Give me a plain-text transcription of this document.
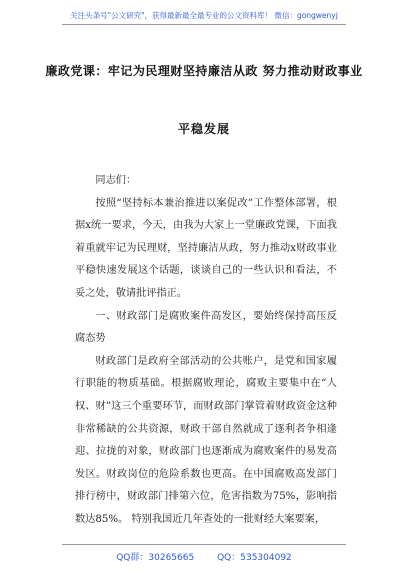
关注头条号"公文研究"，获得最新最全最专业的公文资料库！ 微信：gongwenyj
廉政党课：牢记为民理财坚持廉洁从政 努力推动财政事业
平稳发展

同志们：

按照“坚持标本兼治推进以案促改”工作整体部署，根据x统一要求，今天，由我为大家上一堂廉政党课，下面我着重就牢记为民理财，坚持廉洁从政，努力推动x财政事业平稳快速发展这个话题，谈谈自己的一些认识和看法，不妥之处，敬请批评指正。

一、财政部门是腐败案件高发区，要始终保持高压反腐态势

财政部门是政府全部活动的公共账户，是党和国家履行职能的物质基础。根据腐败理论，腐败主要集中在“人权、财”这三个重要环节，而财政部门掌管着财政资金这种非常稀缺的公共资源，财政干部自然就成了逐利者争相逢迎、拉拢的对象，财政部门也逐渐成为腐败案件的易发高发区。财政岗位的危险系数也更高。在中国腐败高发部门排行榜中，财政部门排第六位，危害指数为75%，影响指数达85%。 特别我国近几年查处的一批财经大案要案，

QQ群：30265665	QQ：535304092
